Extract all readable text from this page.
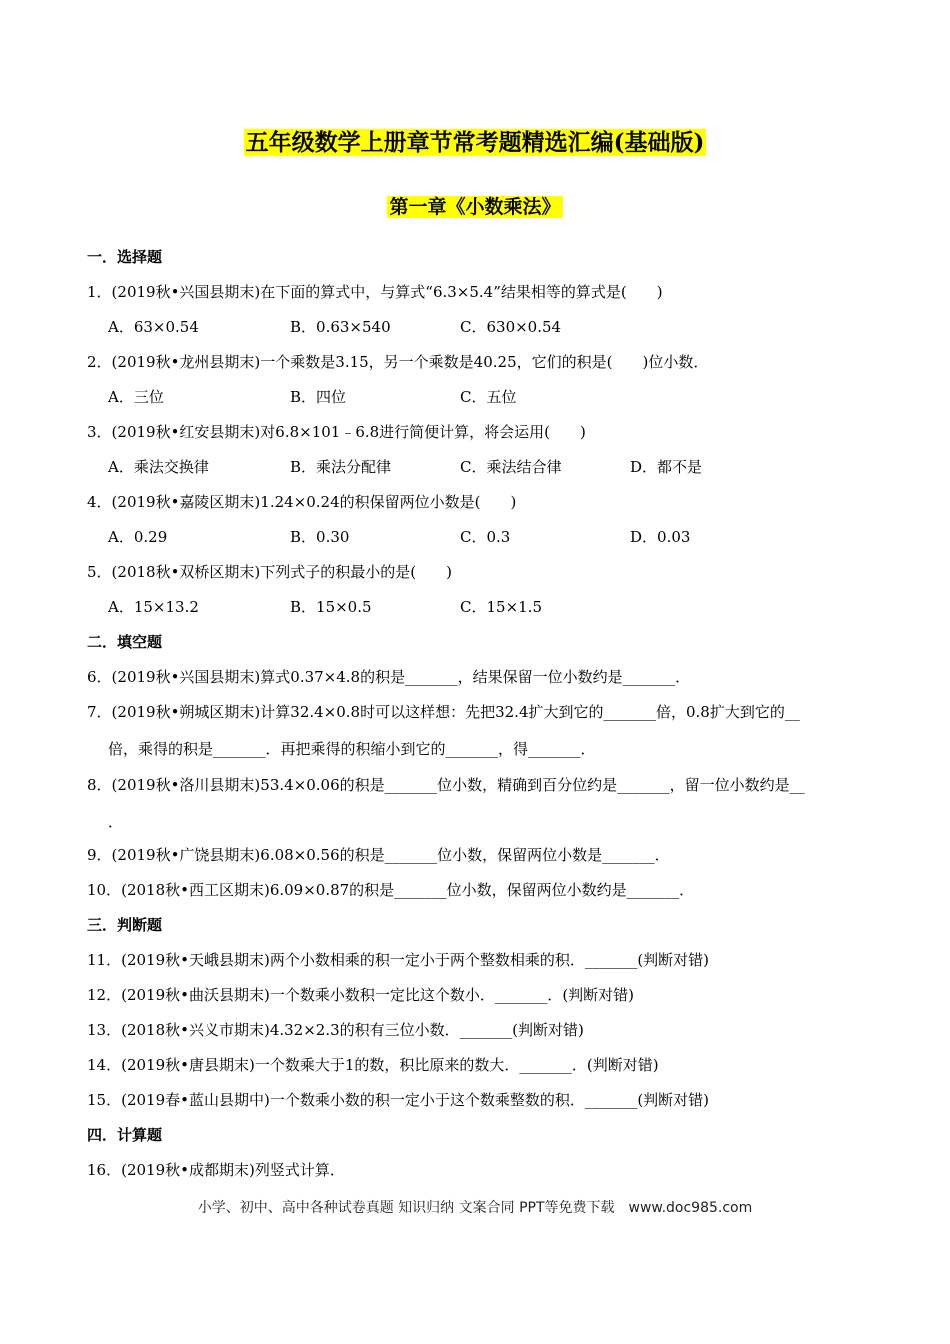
五年级数学上册章节常考题精选汇编(基础版)
第一章《小数乘法》
一．选择题
1．(2019秋•兴国县期末)在下面的算式中，与算式“6.3×5.4”结果相等的算式是(　　)
A．63×0.54	B．0.63×540	C．630×0.54
2．(2019秋•龙州县期末)一个乘数是3.15，另一个乘数是40.25，它们的积是(　　)位小数．
A．三位	B．四位	C．五位
3．(2019秋•红安县期末)对6.8×101﹣6.8进行简便计算，将会运用(　　)
A．乘法交换律	B．乘法分配律	C．乘法结合律	D．都不是
4．(2019秋•嘉陵区期末)1.24×0.24的积保留两位小数是(　　)
A．0.29	B．0.30	C．0.3	D．0.03
5．(2018秋•双桥区期末)下列式子的积最小的是(　　)
A．15×13.2	B．15×0.5	C．15×1.5
二．填空题
6．(2019秋•兴国县期末)算式0.37×4.8的积是_______，结果保留一位小数约是_______．
7．(2019秋•朔城区期末)计算32.4×0.8时可以这样想：先把32.4扩大到它的_______倍，0.8扩大到它的__
倍，乘得的积是_______．再把乘得的积缩小到它的_______，得_______．
8．(2019秋•洛川县期末)53.4×0.06的积是_______位小数，精确到百分位约是_______，留一位小数约是__
．
9．(2019秋•广饶县期末)6.08×0.56的积是_______位小数，保留两位小数是_______．
10．(2018秋•西工区期末)6.09×0.87的积是_______位小数，保留两位小数约是_______．
三．判断题
11．(2019秋•天峨县期末)两个小数相乘的积一定小于两个整数相乘的积．_______(判断对错)
12．(2019秋•曲沃县期末)一个数乘小数积一定比这个数小．_______．(判断对错)
13．(2018秋•兴义市期末)4.32×2.3的积有三位小数．_______(判断对错)
14．(2019秋•唐县期末)一个数乘大于1的数，积比原来的数大．_______．(判断对错)
15．(2019春•蓝山县期中)一个数乘小数的积一定小于这个数乘整数的积．_______(判断对错)
四．计算题
16．(2019秋•成都期末)列竖式计算．
小学、初中、高中各种试卷真题 知识归纳 文案合同 PPT等免费下载　www.doc985.com
